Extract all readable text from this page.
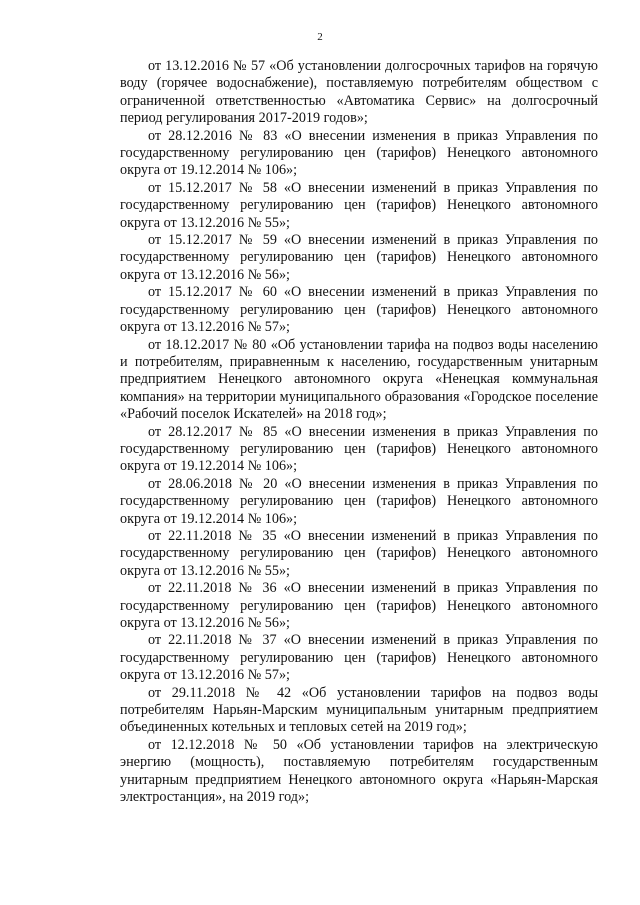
2

от 13.12.2016 № 57 «Об установлении долгосрочных тарифов на горячую воду (горячее водоснабжение), поставляемую потребителям обществом с ограниченной ответственностью «Автоматика Сервис» на долгосрочный период регулирования 2017-2019 годов»;

от 28.12.2016 № 83 «О внесении изменения в приказ Управления по государственному регулированию цен (тарифов) Ненецкого автономного округа от 19.12.2014 № 106»;

от 15.12.2017 № 58 «О внесении изменений в приказ Управления по государственному регулированию цен (тарифов) Ненецкого автономного округа от 13.12.2016 № 55»;

от 15.12.2017 № 59 «О внесении изменений в приказ Управления по государственному регулированию цен (тарифов) Ненецкого автономного округа от 13.12.2016 № 56»;

от 15.12.2017 № 60 «О внесении изменений в приказ Управления по государственному регулированию цен (тарифов) Ненецкого автономного округа от 13.12.2016 № 57»;

от 18.12.2017 № 80 «Об установлении тарифа на подвоз воды населению и потребителям, приравненным к населению, государственным унитарным предприятием Ненецкого автономного округа «Ненецкая коммунальная компания» на территории муниципального образования «Городское поселение «Рабочий поселок Искателей» на 2018 год»;

от 28.12.2017 № 85 «О внесении изменения в приказ Управления по государственному регулированию цен (тарифов) Ненецкого автономного округа от 19.12.2014 № 106»;

от 28.06.2018 № 20 «О внесении изменения в приказ Управления по государственному регулированию цен (тарифов) Ненецкого автономного округа от 19.12.2014 № 106»;

от 22.11.2018 № 35 «О внесении изменений в приказ Управления по государственному регулированию цен (тарифов) Ненецкого автономного округа от 13.12.2016 № 55»;

от 22.11.2018 № 36 «О внесении изменений в приказ Управления по государственному регулированию цен (тарифов) Ненецкого автономного округа от 13.12.2016 № 56»;

от 22.11.2018 № 37 «О внесении изменений в приказ Управления по государственному регулированию цен (тарифов) Ненецкого автономного округа от 13.12.2016 № 57»;

от 29.11.2018 № 42 «Об установлении тарифов на подвоз воды потребителям Нарьян-Марским муниципальным унитарным предприятием объединенных котельных и тепловых сетей на 2019 год»;

от 12.12.2018 № 50 «Об установлении тарифов на электрическую энергию (мощность), поставляемую потребителям государственным унитарным предприятием Ненецкого автономного округа «Нарьян-Марская электростанция», на 2019 год»;
